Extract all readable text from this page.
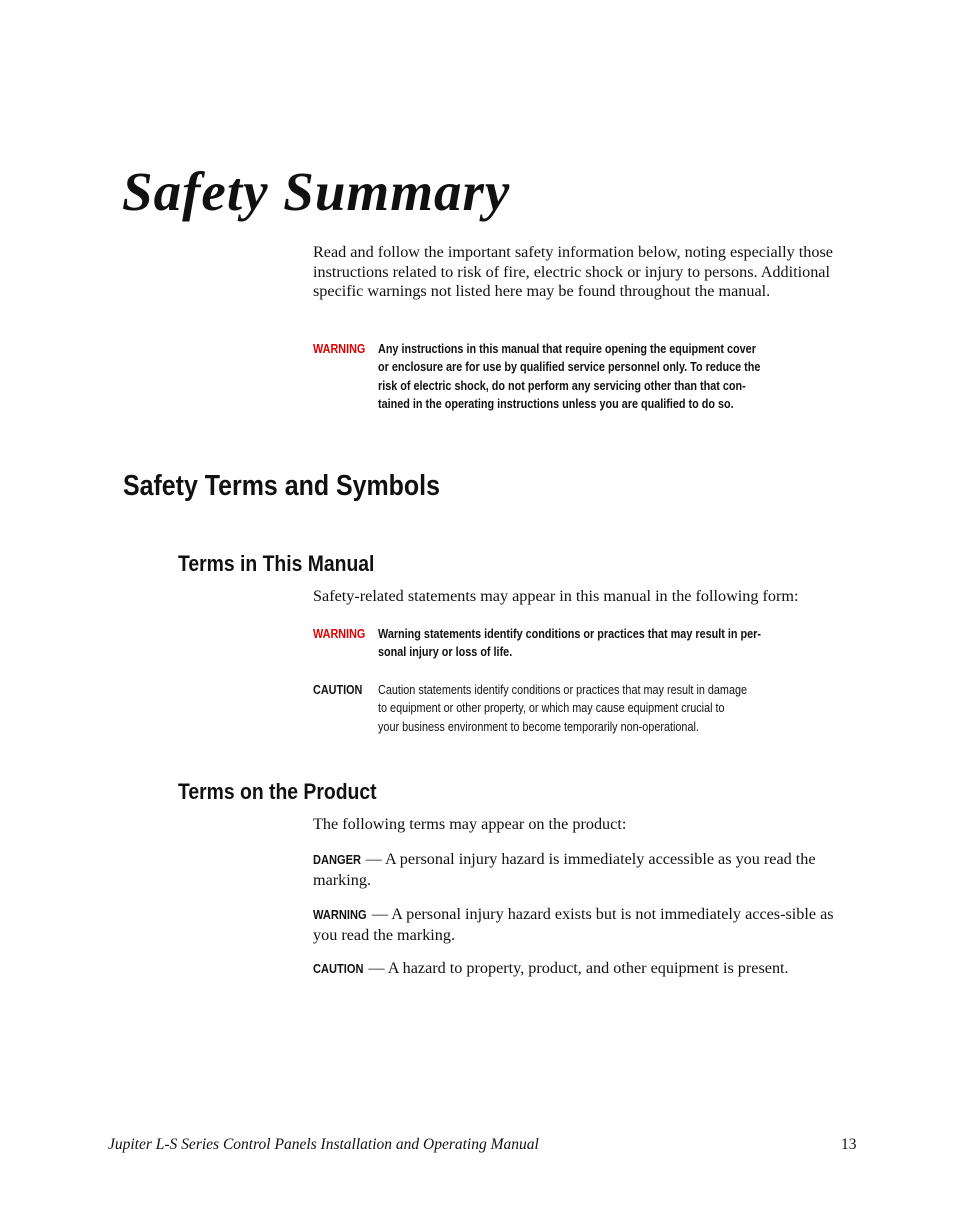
Safety Summary
Read and follow the important safety information below, noting especially those instructions related to risk of fire, electric shock or injury to persons. Additional specific warnings not listed here may be found throughout the manual.
WARNING Any instructions in this manual that require opening the equipment cover
or enclosure are for use by qualified service personnel only. To reduce the
risk of electric shock, do not perform any servicing other than that con-
tained in the operating instructions unless you are qualified to do so.
Safety Terms and Symbols
Terms in This Manual
Safety-related statements may appear in this manual in the following form:
WARNING Warning statements identify conditions or practices that may result in per-
sonal injury or loss of life.
CAUTION Caution statements identify conditions or practices that may result in damage
to equipment or other property, or which may cause equipment crucial to
your business environment to become temporarily non-operational.
Terms on the Product
The following terms may appear on the product:
DANGER — A personal injury hazard is immediately accessible as you read the marking.
WARNING — A personal injury hazard exists but is not immediately acces-sible as you read the marking.
CAUTION — A hazard to property, product, and other equipment is present.
Jupiter L-S Series Control Panels Installation and Operating Manual	13
